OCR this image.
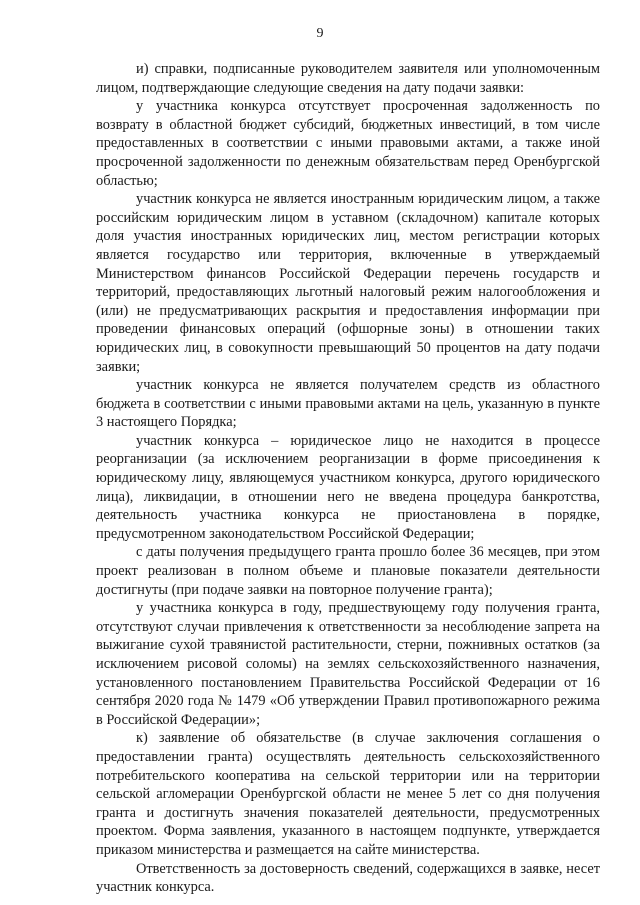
9

и) справки, подписанные руководителем заявителя или уполномоченным лицом, подтверждающие следующие сведения на дату подачи заявки:

у участника конкурса отсутствует просроченная задолженность по возврату в областной бюджет субсидий, бюджетных инвестиций, в том числе предоставленных в соответствии с иными правовыми актами, а также иной просроченной задолженности по денежным обязательствам перед Оренбургской областью;

участник конкурса не является иностранным юридическим лицом, а также российским юридическим лицом в уставном (складочном) капитале которых доля участия иностранных юридических лиц, местом регистрации которых является государство или территория, включенные в утверждаемый Министерством финансов Российской Федерации перечень государств и территорий, предоставляющих льготный налоговый режим налогообложения и (или) не предусматривающих раскрытия и предоставления информации при проведении финансовых операций (офшорные зоны) в отношении таких юридических лиц, в совокупности превышающий 50 процентов на дату подачи заявки;

участник конкурса не является получателем средств из областного бюджета в соответствии с иными правовыми актами на цель, указанную в пункте 3 настоящего Порядка;

участник конкурса – юридическое лицо не находится в процессе реорганизации (за исключением реорганизации в форме присоединения к юридическому лицу, являющемуся участником конкурса, другого юридического лица), ликвидации, в отношении него не введена процедура банкротства, деятельность участника конкурса не приостановлена в порядке, предусмотренном законодательством Российской Федерации;

с даты получения предыдущего гранта прошло более 36 месяцев, при этом проект реализован в полном объеме и плановые показатели деятельности достигнуты (при подаче заявки на повторное получение гранта);

у участника конкурса в году, предшествующему году получения гранта, отсутствуют случаи привлечения к ответственности за несоблюдение запрета на выжигание сухой травянистой растительности, стерни, пожнивных остатков (за исключением рисовой соломы) на землях сельскохозяйственного назначения, установленного постановлением Правительства Российской Федерации от 16 сентября 2020 года № 1479 «Об утверждении Правил противопожарного режима в Российской Федерации»;

к) заявление об обязательстве (в случае заключения соглашения о предоставлении гранта) осуществлять деятельность сельскохозяйственного потребительского кооператива на сельской территории или на территории сельской агломерации Оренбургской области не менее 5 лет со дня получения гранта и достигнуть значения показателей деятельности, предусмотренных проектом. Форма заявления, указанного в настоящем подпункте, утверждается приказом министерства и размещается на сайте министерства.

Ответственность за достоверность сведений, содержащихся в заявке, несет участник конкурса.
